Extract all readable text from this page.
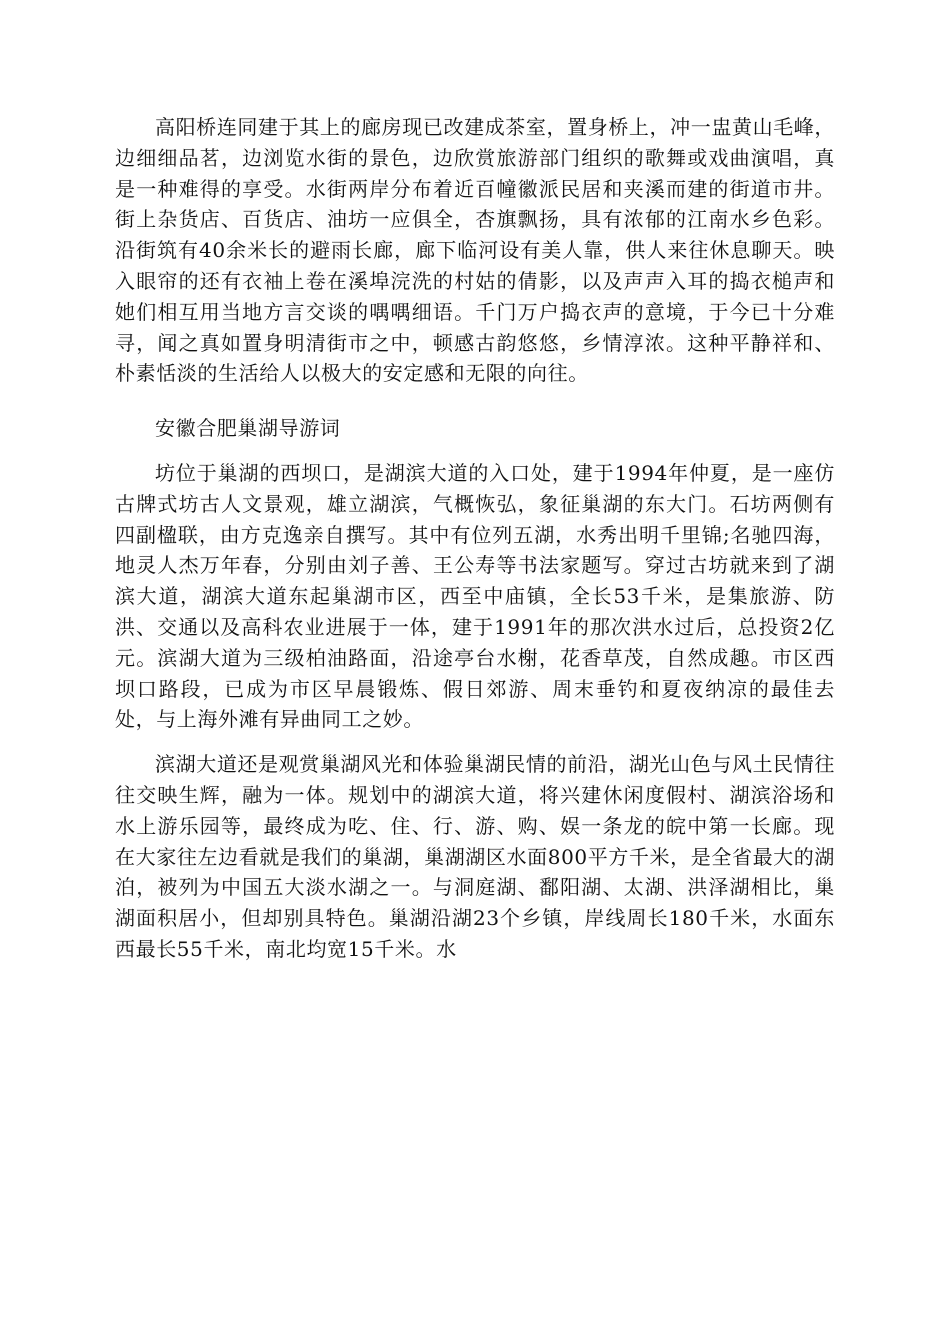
高阳桥连同建于其上的廊房现已改建成茶室，置身桥上，冲一盅黄山毛峰，边细细品茗，边浏览水街的景色，边欣赏旅游部门组织的歌舞或戏曲演唱，真是一种难得的享受。水街两岸分布着近百幢徽派民居和夹溪而建的街道市井。街上杂货店、百货店、油坊一应俱全，杏旗飘扬，具有浓郁的江南水乡色彩。沿街筑有40余米长的避雨长廊，廊下临河设有美人靠，供人来往休息聊天。映入眼帘的还有衣袖上卷在溪埠浣洗的村姑的倩影，以及声声入耳的捣衣槌声和她们相互用当地方言交谈的喁喁细语。千门万户捣衣声的意境，于今已十分难寻，闻之真如置身明清街市之中，顿感古韵悠悠，乡情淳浓。这种平静祥和、朴素恬淡的生活给人以极大的安定感和无限的向往。

安徽合肥巢湖导游词

坊位于巢湖的西坝口，是湖滨大道的入口处，建于1994年仲夏，是一座仿古牌式坊古人文景观，雄立湖滨，气概恢弘，象征巢湖的东大门。石坊两侧有四副楹联，由方克逸亲自撰写。其中有位列五湖，水秀出明千里锦;名驰四海，地灵人杰万年春，分别由刘子善、王公寿等书法家题写。穿过古坊就来到了湖滨大道，湖滨大道东起巢湖市区，西至中庙镇，全长53千米，是集旅游、防洪、交通以及高科农业进展于一体，建于1991年的那次洪水过后，总投资2亿元。滨湖大道为三级柏油路面，沿途亭台水榭，花香草茂，自然成趣。市区西坝口路段，已成为市区早晨锻炼、假日郊游、周末垂钓和夏夜纳凉的最佳去处，与上海外滩有异曲同工之妙。

滨湖大道还是观赏巢湖风光和体验巢湖民情的前沿，湖光山色与风土民情往往交映生辉，融为一体。规划中的湖滨大道，将兴建休闲度假村、湖滨浴场和水上游乐园等，最终成为吃、住、行、游、购、娱一条龙的皖中第一长廊。现在大家往左边看就是我们的巢湖，巢湖湖区水面800平方千米，是全省最大的湖泊，被列为中国五大淡水湖之一。与洞庭湖、鄱阳湖、太湖、洪泽湖相比，巢湖面积居小，但却别具特色。巢湖沿湖23个乡镇，岸线周长180千米，水面东西最长55千米，南北均宽15千米。水
